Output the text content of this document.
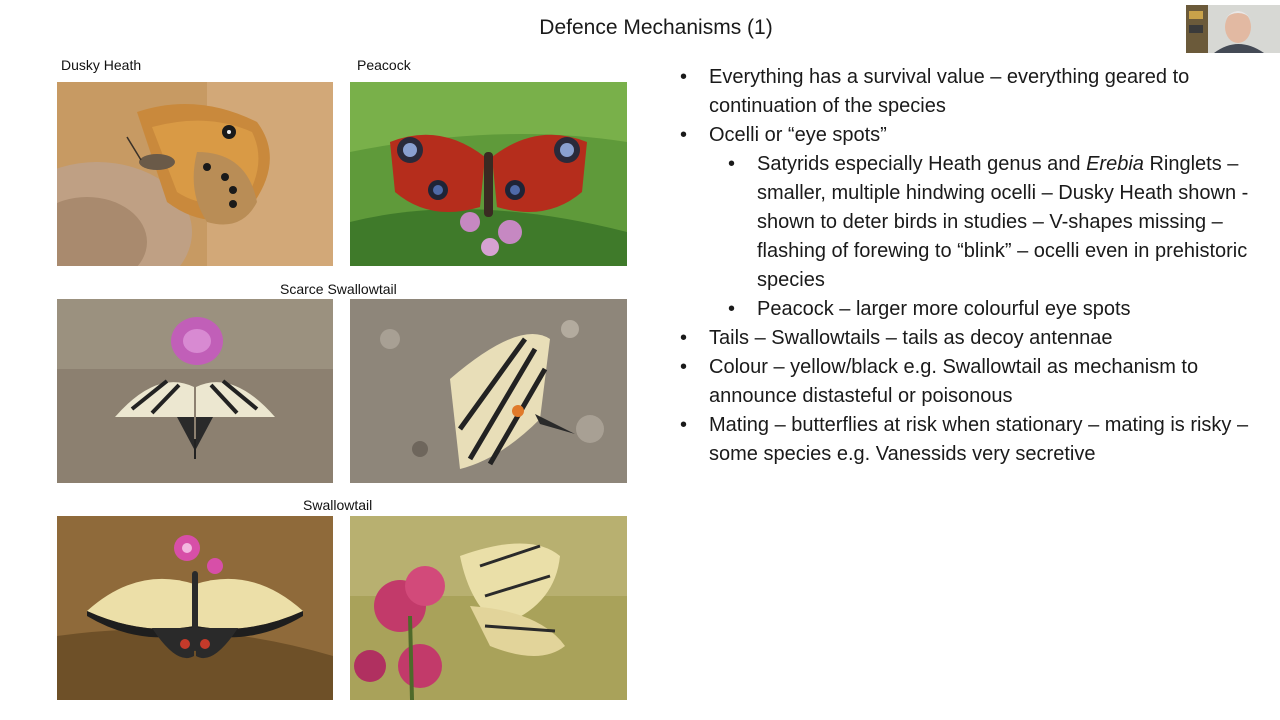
Defence Mechanisms (1)
Dusky Heath	Peacock
Scarce Swallowtail
Swallowtail
• Everything has a survival value – everything geared to continuation of the species
• Ocelli or “eye spots”
• Satyrids especially Heath genus and Erebia Ringlets – smaller, multiple hindwing ocelli – Dusky Heath shown - shown to deter birds in studies – V-shapes missing – flashing of forewing to “blink” – ocelli even in prehistoric species
• Peacock – larger more colourful eye spots
• Tails – Swallowtails – tails as decoy antennae
• Colour – yellow/black e.g. Swallowtail as mechanism to announce distasteful or poisonous
• Mating – butterflies at risk when stationary – mating is risky – some species e.g. Vanessids very secretive
